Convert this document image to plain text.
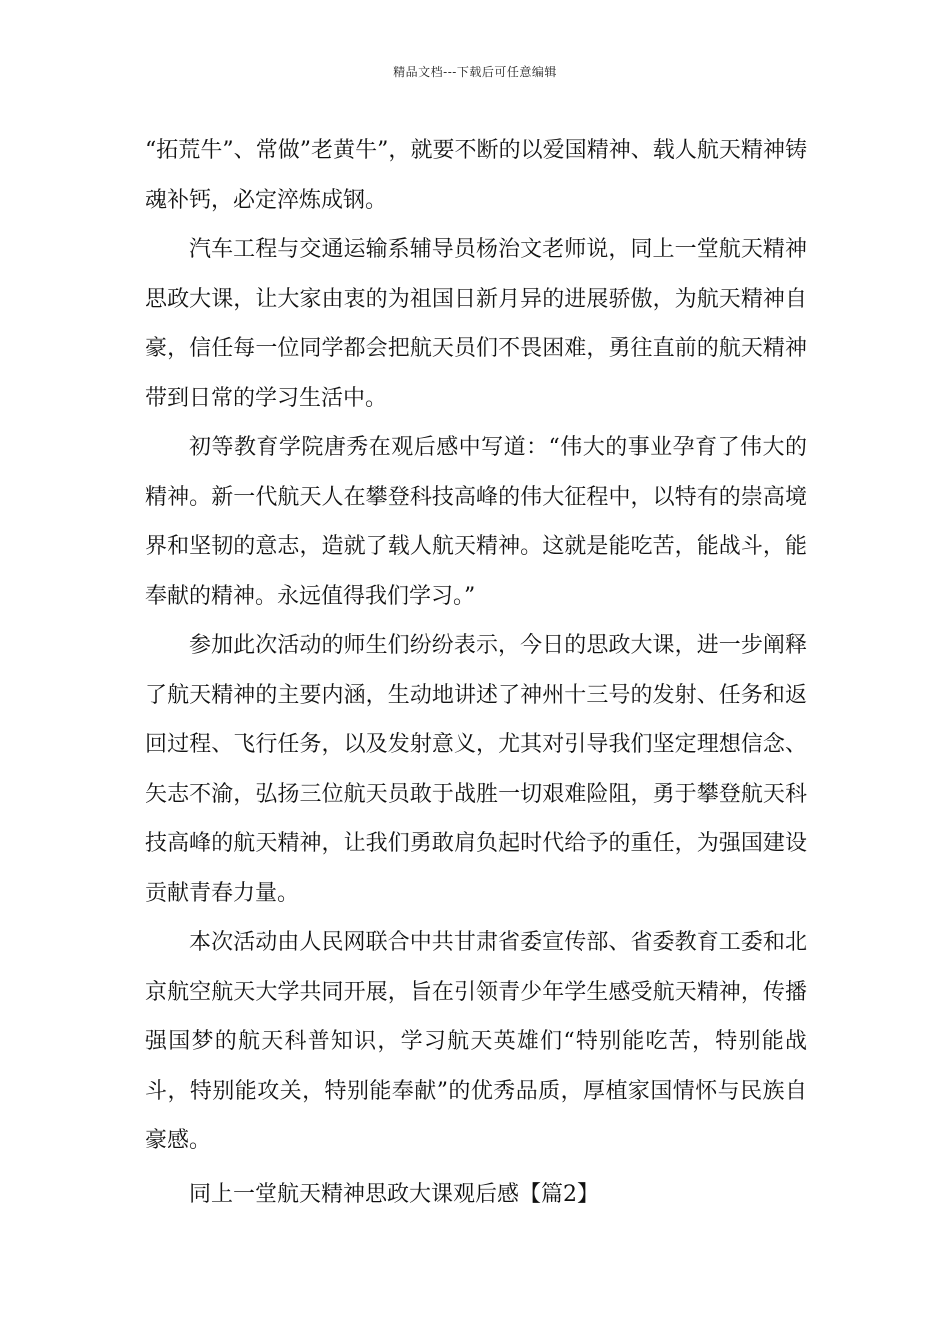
精品文档---下载后可任意编辑

“拓荒牛”、常做”老黄牛”，就要不断的以爱国精神、载人航天精神铸魂补钙，必定淬炼成钢。

汽车工程与交通运输系辅导员杨治文老师说，同上一堂航天精神思政大课，让大家由衷的为祖国日新月异的进展骄傲，为航天精神自豪，信任每一位同学都会把航天员们不畏困难，勇往直前的航天精神带到日常的学习生活中。

初等教育学院唐秀在观后感中写道：“伟大的事业孕育了伟大的精神。新一代航天人在攀登科技高峰的伟大征程中，以特有的崇高境界和坚韧的意志，造就了载人航天精神。这就是能吃苦，能战斗，能奉献的精神。永远值得我们学习。”

参加此次活动的师生们纷纷表示，今日的思政大课，进一步阐释了航天精神的主要内涵，生动地讲述了神州十三号的发射、任务和返回过程、飞行任务，以及发射意义，尤其对引导我们坚定理想信念、矢志不渝，弘扬三位航天员敢于战胜一切艰难险阻，勇于攀登航天科技高峰的航天精神，让我们勇敢肩负起时代给予的重任，为强国建设贡献青春力量。

本次活动由人民网联合中共甘肃省委宣传部、省委教育工委和北京航空航天大学共同开展，旨在引领青少年学生感受航天精神，传播强国梦的航天科普知识，学习航天英雄们“特别能吃苦，特别能战斗，特别能攻关，特别能奉献”的优秀品质，厚植家国情怀与民族自豪感。

同上一堂航天精神思政大课观后感【篇2】
